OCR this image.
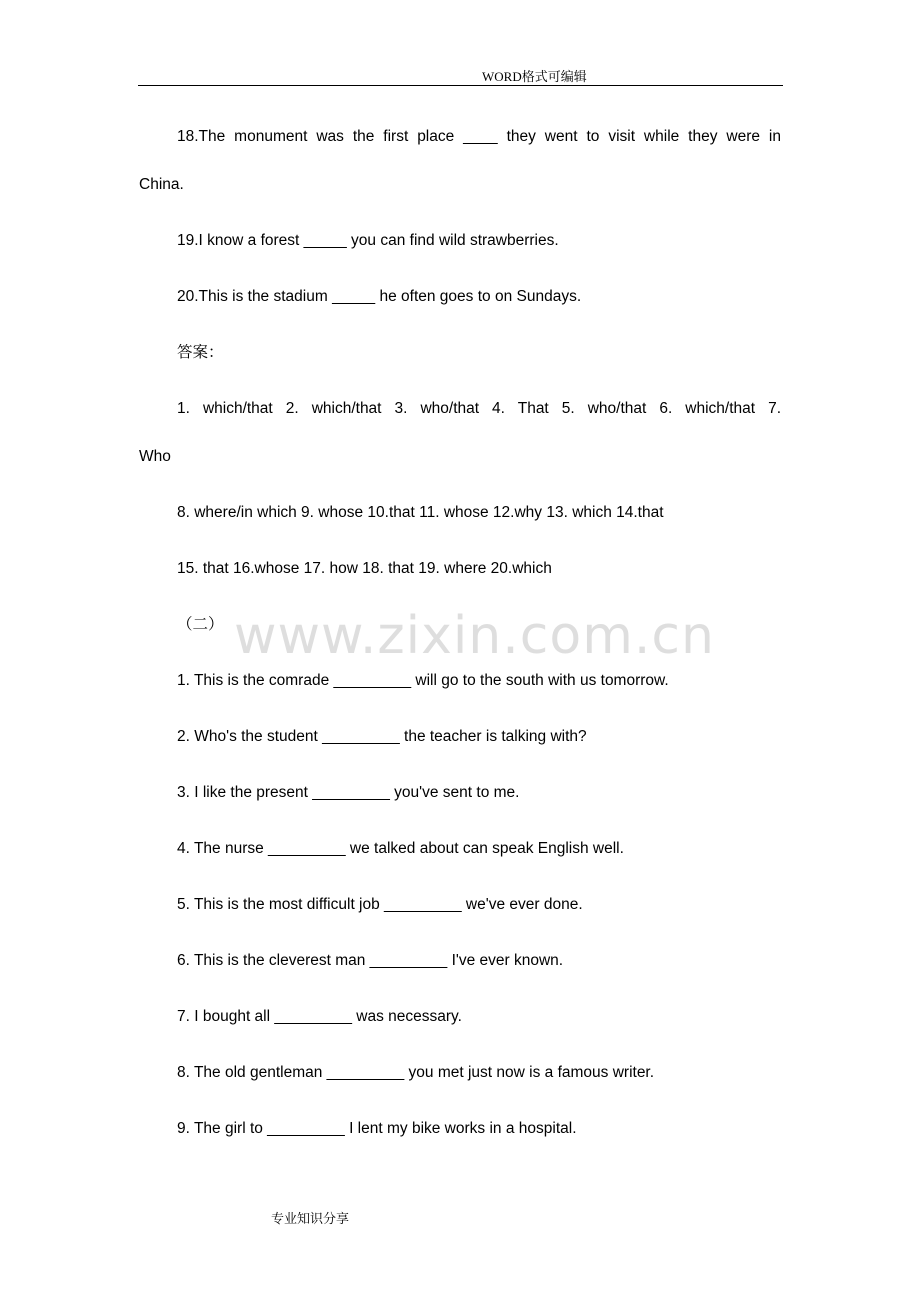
WORD格式可编辑
18.The monument was the first place ____ they went to visit while they were in
China.
19.I know a forest _____ you can find wild strawberries.
20.This is the stadium _____ he often goes to on Sundays.
答案：
1. which/that 2. which/that 3. who/that 4. That 5. who/that 6. which/that 7.
Who
8. where/in which 9. whose 10.that 11. whose 12.why 13. which 14.that
15. that 16.whose 17. how 18. that 19. where 20.which
www.zixin.com.cn
（二）
1. This is the comrade _________ will go to the south with us tomorrow.
2. Who's the student _________ the teacher is talking with?
3. I like the present _________ you've sent to me.
4. The nurse _________ we talked about can speak English well.
5. This is the most difficult job _________ we've ever done.
6. This is the cleverest man _________ I've ever known.
7. I bought all _________ was necessary.
8. The old gentleman _________ you met just now is a famous writer.
9. The girl to _________ I lent my bike works in a hospital.
专业知识分享
